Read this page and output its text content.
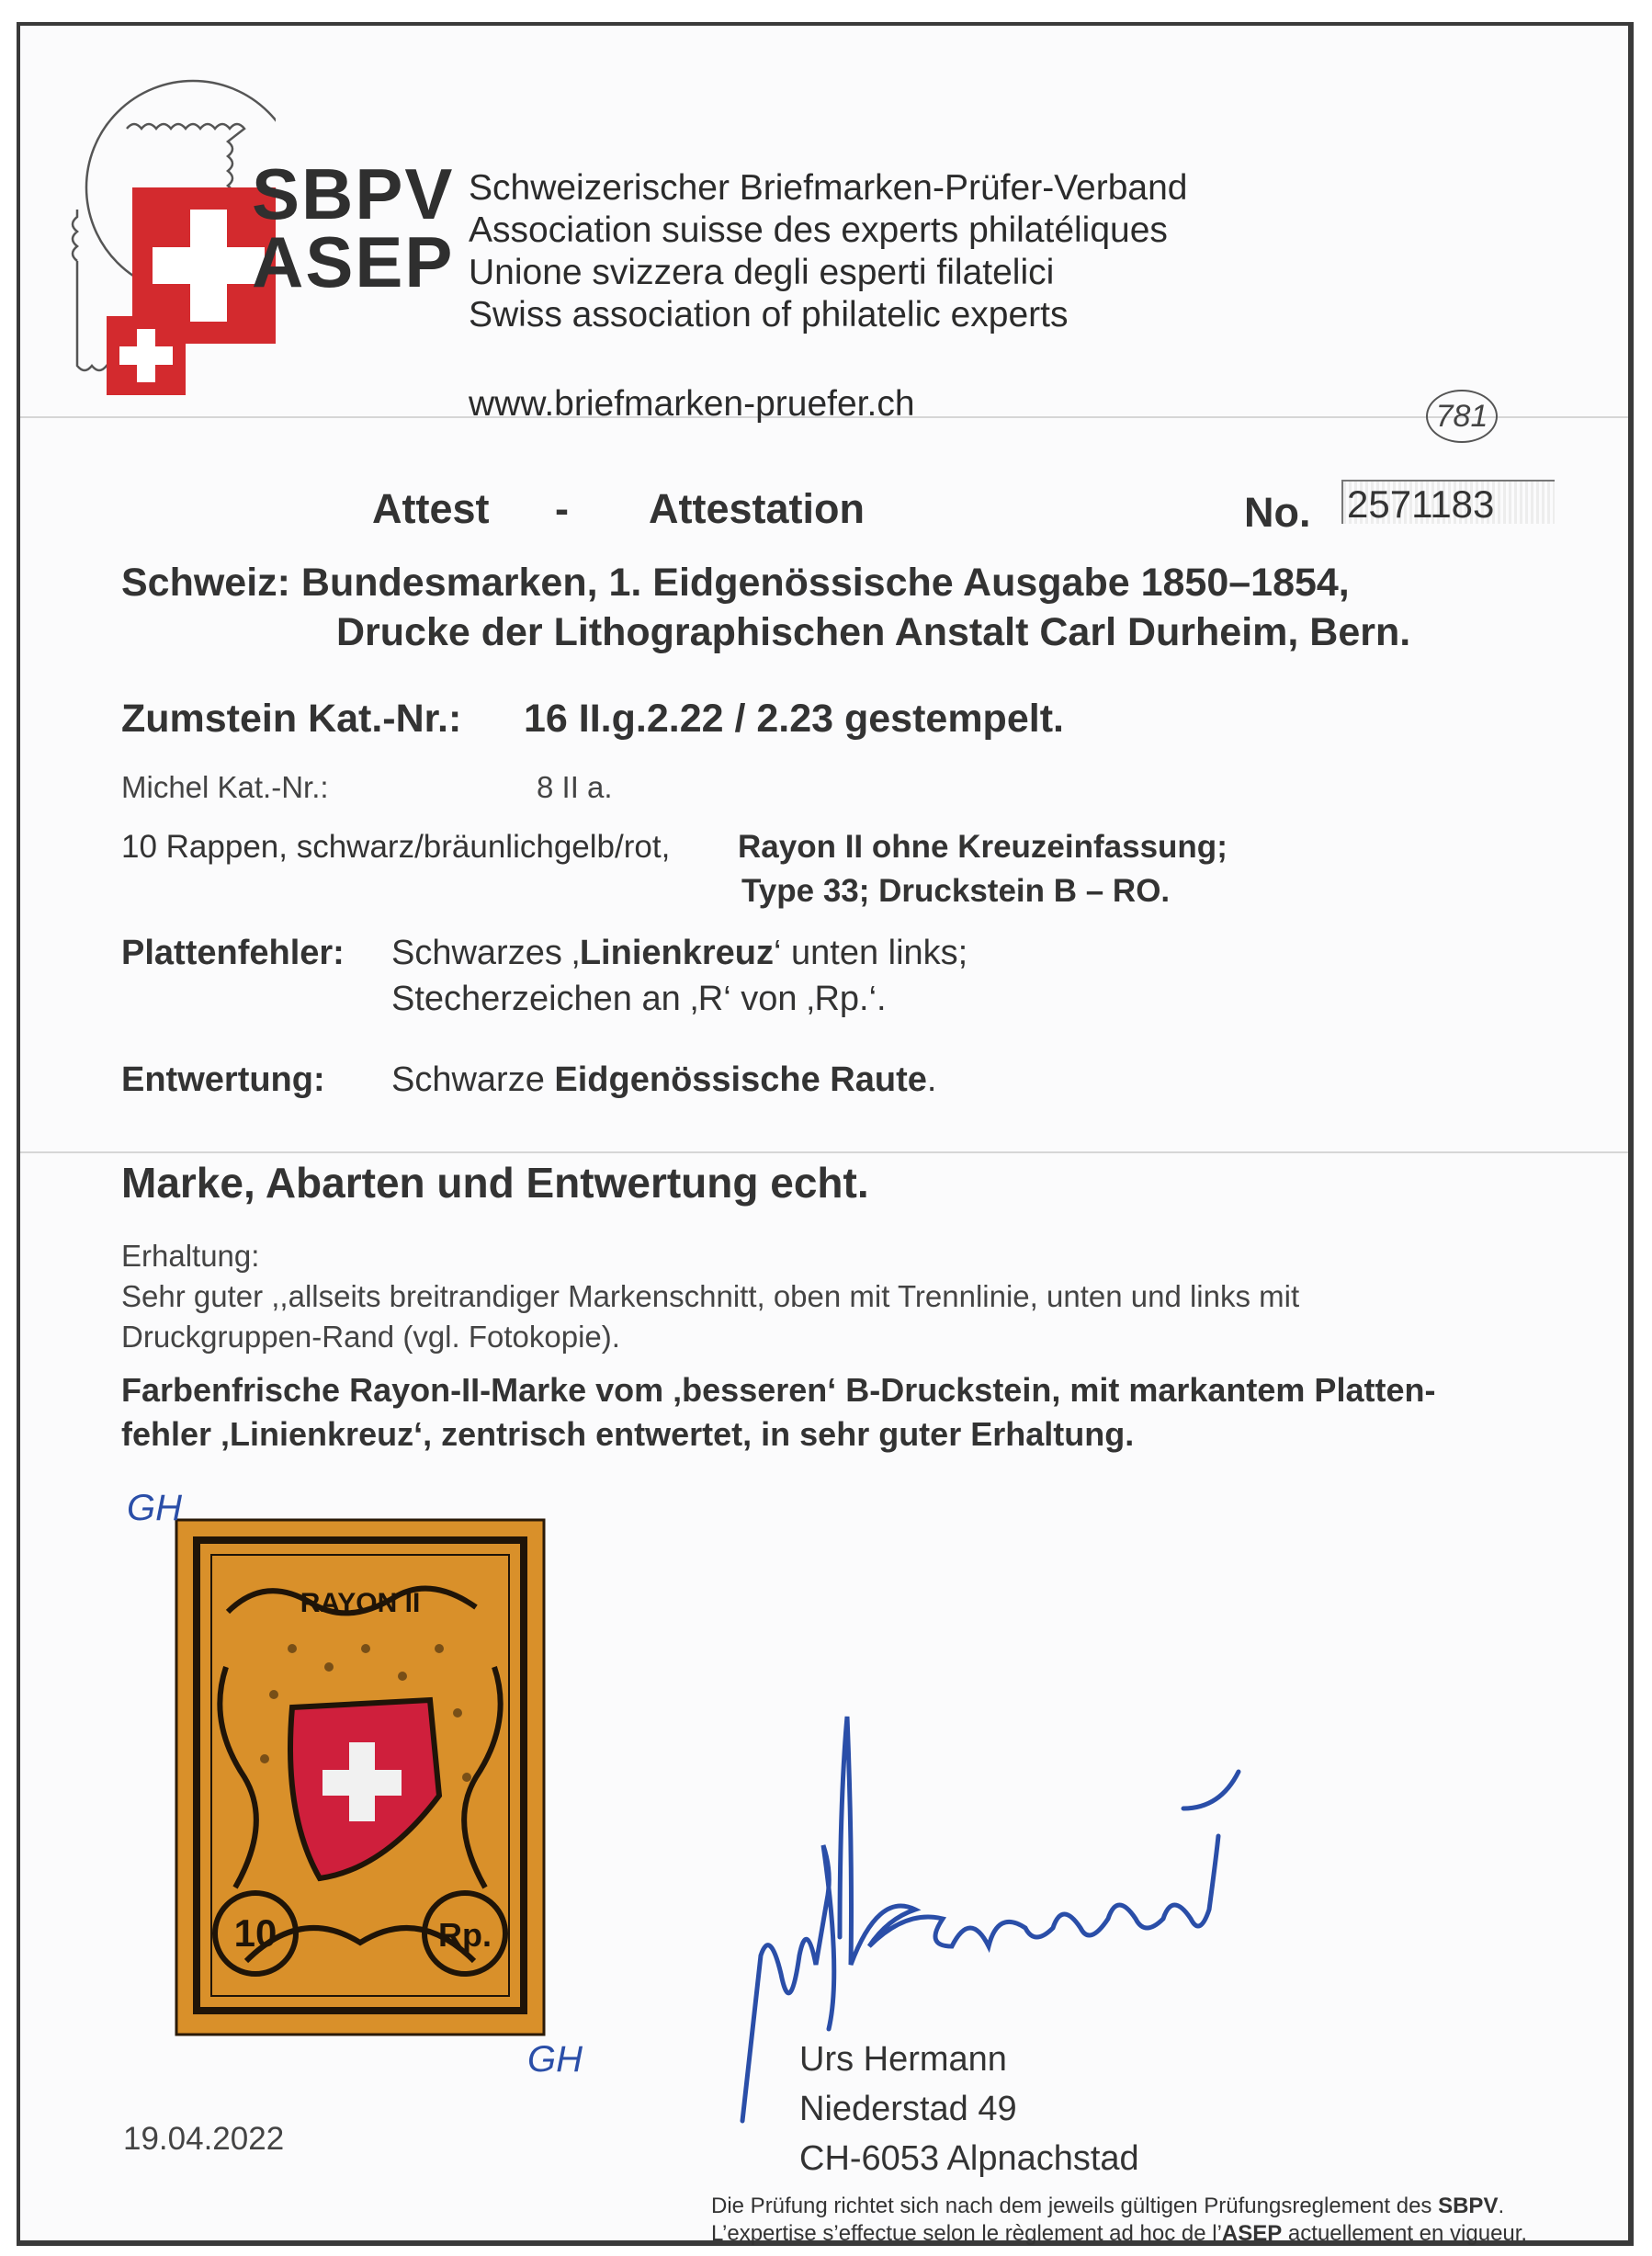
SBPV
ASEP
Schweizerischer Briefmarken-Prüfer-Verband
Association suisse des experts philatéliques
Unione svizzera degli esperti filatelici
Swiss association of philatelic experts
www.briefmarken-pruefer.ch	781
Attest - Attestation	No. 2571183
Schweiz: Bundesmarken, 1. Eidgenössische Ausgabe 1850–1854,
Drucke der Lithographischen Anstalt Carl Durheim, Bern.
Zumstein Kat.-Nr.: 16 II.g.2.22 / 2.23 gestempelt.
Michel Kat.-Nr.:	8 II a.
10 Rappen, schwarz/bräunlichgelb/rot, Rayon II ohne Kreuzeinfassung;
Type 33; Druckstein B – RO.
Plattenfehler: Schwarzes ‚Linienkreuz‘ unten links;
Stecherzeichen an ‚R‘ von ‚Rp.‘.
Entwertung: Schwarze Eidgenössische Raute.
Marke, Abarten und Entwertung echt.
Erhaltung:
Sehr guter ,,allseits breitrandiger Markenschnitt, oben mit Trennlinie, unten und links mit
Druckgruppen-Rand (vgl. Fotokopie).
Farbenfrische Rayon-II-Marke vom ‚besseren‘ B-Druckstein, mit markantem Platten-
fehler ‚Linienkreuz‘, zentrisch entwertet, in sehr guter Erhaltung.
RAYON II
10	Rp.
GH
GH
19.04.2022
Urs Hermann
Niederstad 49
CH-6053 Alpnachstad
Die Prüfung richtet sich nach dem jeweils gültigen Prüfungsreglement des SBPV.
L’expertise s’effectue selon le règlement ad hoc de l’ASEP actuellement en vigueur.
